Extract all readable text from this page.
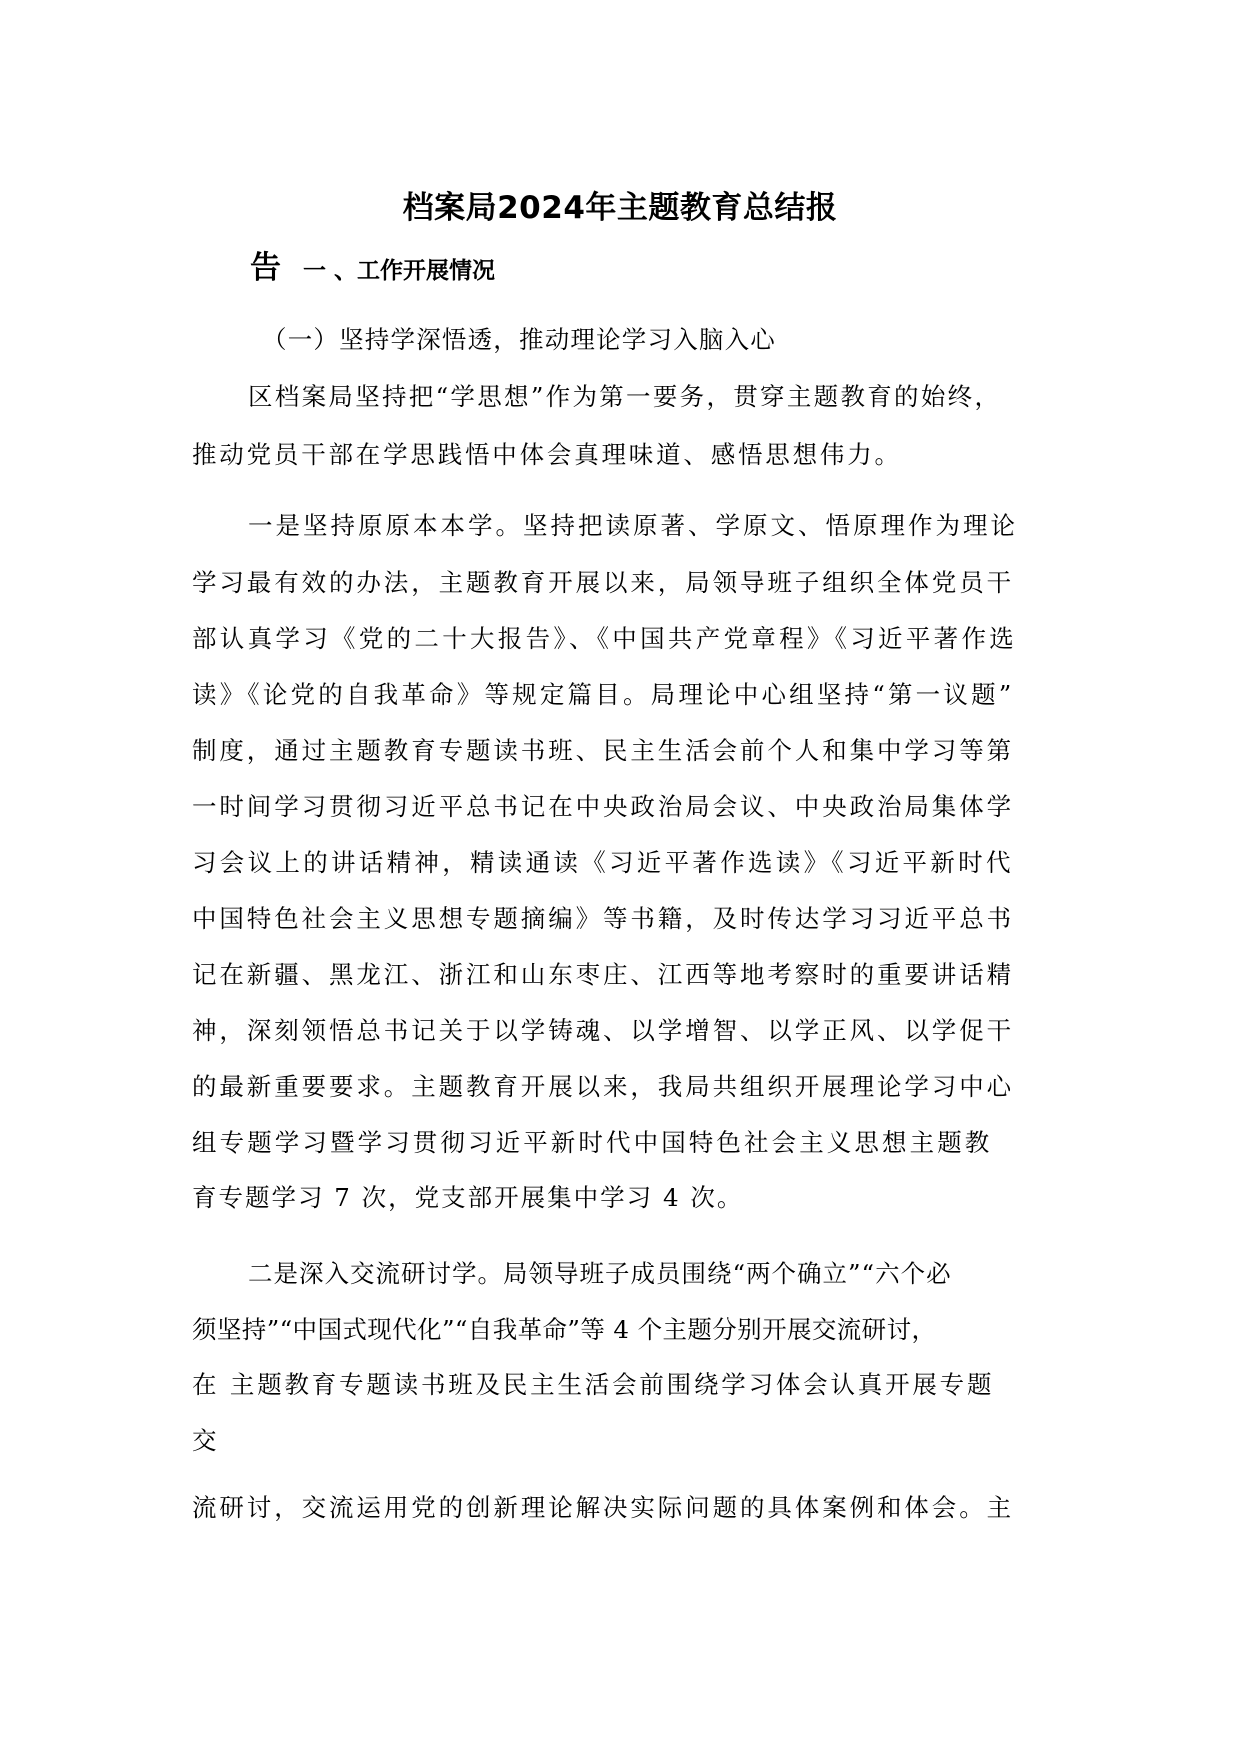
档案局2024年主题教育总结报
告 一 、工作开展情况

（一）坚持学深悟透，推动理论学习入脑入心

区档案局坚持把“学思想”作为第一要务，贯穿主题教育的始终，

推动党员干部在学思践悟中体会真理味道、感悟思想伟力。

一是坚持原原本本学。坚持把读原著、学原文、悟原理作为理论

学习最有效的办法，主题教育开展以来，局领导班子组织全体党员干

部认真学习《党的二十大报告》、《中国共产党章程》《习近平著作选

读》《论党的自我革命》等规定篇目。局理论中心组坚持“第一议题”

制度，通过主题教育专题读书班、民主生活会前个人和集中学习等第

一时间学习贯彻习近平总书记在中央政治局会议、中央政治局集体学

习会议上的讲话精神，精读通读《习近平著作选读》《习近平新时代

中国特色社会主义思想专题摘编》等书籍，及时传达学习习近平总书

记在新疆、黑龙江、浙江和山东枣庄、江西等地考察时的重要讲话精

神，深刻领悟总书记关于以学铸魂、以学增智、以学正风、以学促干

的最新重要要求。主题教育开展以来，我局共组织开展理论学习中心

组专题学习暨学习贯彻习近平新时代中国特色社会主义思想主题教

育专题学习 7 次，党支部开展集中学习 4 次。

二是深入交流研讨学。局领导班子成员围绕“两个确立”“六个必

须坚持”“中国式现代化”“自我革命”等 4 个主题分别开展交流研讨，

在 主题教育专题读书班及民主生活会前围绕学习体会认真开展专题

交

流研讨，交流运用党的创新理论解决实际问题的具体案例和体会。主
